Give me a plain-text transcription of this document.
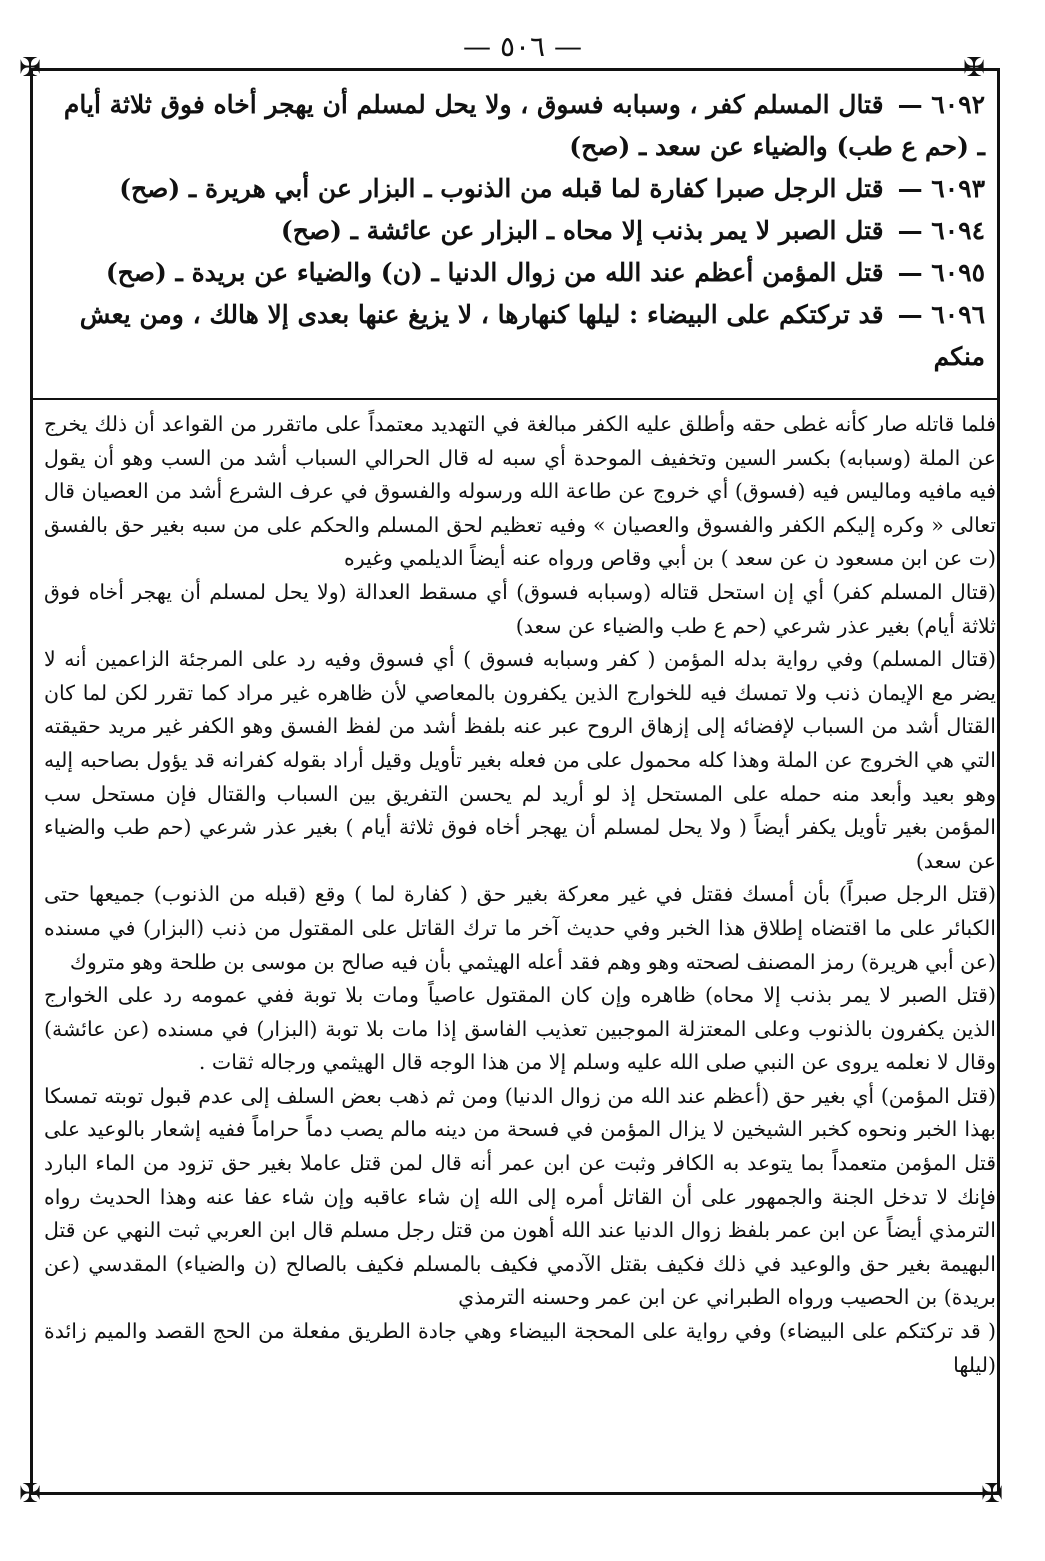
— ٥٠٦ —
✠	✠
✠	✠
٦٠٩٢ —قتال المسلم كفر ، وسبابه فسوق ، ولا يحل لمسلم أن يهجر أخاه فوق ثلاثة أيام ـ (حم ع طب) والضياء عن سعد ـ (صح)
٦٠٩٣ —قتل الرجل صبرا كفارة لما قبله من الذنوب ـ البزار عن أبي هريرة ـ (صح)
٦٠٩٤ —قتل الصبر لا يمر بذنب إلا محاه ـ البزار عن عائشة ـ (صح)
٦٠٩٥ —قتل المؤمن أعظم عند الله من زوال الدنيا ـ (ن) والضياء عن بريدة ـ (صح)
٦٠٩٦ —قد تركتكم على البيضاء : ليلها كنهارها ، لا يزيغ عنها بعدى إلا هالك ، ومن يعش منكم

فلما قاتله صار كأنه غطى حقه وأطلق عليه الكفر مبالغة في التهديد معتمداً على ماتقرر من القواعد أن ذلك يخرج عن الملة (وسبابه) بكسر السين وتخفيف الموحدة أي سبه له قال الحرالي السباب أشد من السب وهو أن يقول فيه مافيه وماليس فيه (فسوق) أي خروج عن طاعة الله ورسوله والفسوق في عرف الشرع أشد من العصيان قال تعالى « وكره إليكم الكفر والفسوق والعصيان » وفيه تعظيم لحق المسلم والحكم على من سبه بغير حق بالفسق (ت عن ابن مسعود ن عن سعد ) بن أبي وقاص ورواه عنه أيضاً الديلمي وغيره

(قتال المسلم كفر) أي إن استحل قتاله (وسبابه فسوق) أي مسقط العدالة (ولا يحل لمسلم أن يهجر أخاه فوق ثلاثة أيام) بغير عذر شرعي (حم ع طب والضياء عن سعد)

(قتال المسلم) وفي رواية بدله المؤمن ( كفر وسبابه فسوق ) أي فسوق وفيه رد على المرجئة الزاعمين أنه لا يضر مع الإيمان ذنب ولا تمسك فيه للخوارج الذين يكفرون بالمعاصي لأن ظاهره غير مراد كما تقرر لكن لما كان القتال أشد من السباب لإفضائه إلى إزهاق الروح عبر عنه بلفظ أشد من لفظ الفسق وهو الكفر غير مريد حقيقته التي هي الخروج عن الملة وهذا كله محمول على من فعله بغير تأويل وقيل أراد بقوله كفرانه قد يؤول بصاحبه إليه وهو بعيد وأبعد منه حمله على المستحل إذ لو أريد لم يحسن التفريق بين السباب والقتال فإن مستحل سب المؤمن بغير تأويل يكفر أيضاً ( ولا يحل لمسلم أن يهجر أخاه فوق ثلاثة أيام ) بغير عذر شرعي (حم طب والضياء عن سعد)

(قتل الرجل صبراً) بأن أمسك فقتل في غير معركة بغير حق ( كفارة لما ) وقع (قبله من الذنوب) جميعها حتى الكبائر على ما اقتضاه إطلاق هذا الخبر وفي حديث آخر ما ترك القاتل على المقتول من ذنب (البزار) في مسنده (عن أبي هريرة) رمز المصنف لصحته وهو وهم فقد أعله الهيثمي بأن فيه صالح بن موسى بن طلحة وهو متروك

(قتل الصبر لا يمر بذنب إلا محاه) ظاهره وإن كان المقتول عاصياً ومات بلا توبة ففي عمومه رد على الخوارج الذين يكفرون بالذنوب وعلى المعتزلة الموجبين تعذيب الفاسق إذا مات بلا توبة (البزار) في مسنده (عن عائشة) وقال لا نعلمه يروى عن النبي صلى الله عليه وسلم إلا من هذا الوجه قال الهيثمي ورجاله ثقات .

(قتل المؤمن) أي بغير حق (أعظم عند الله من زوال الدنيا) ومن ثم ذهب بعض السلف إلى عدم قبول توبته تمسكا بهذا الخبر ونحوه كخبر الشيخين لا يزال المؤمن في فسحة من دينه مالم يصب دماً حراماً ففيه إشعار بالوعيد على قتل المؤمن متعمداً بما يتوعد به الكافر وثبت عن ابن عمر أنه قال لمن قتل عاملا بغير حق تزود من الماء البارد فإنك لا تدخل الجنة والجمهور على أن القاتل أمره إلى الله إن شاء عاقبه وإن شاء عفا عنه وهذا الحديث رواه الترمذي أيضاً عن ابن عمر بلفظ زوال الدنيا عند الله أهون من قتل رجل مسلم قال ابن العربي ثبت النهي عن قتل البهيمة بغير حق والوعيد في ذلك فكيف بقتل الآدمي فكيف بالمسلم فكيف بالصالح (ن والضياء) المقدسي (عن بريدة) بن الحصيب ورواه الطبراني عن ابن عمر وحسنه الترمذي

( قد تركتكم على البيضاء) وفي رواية على المحجة البيضاء وهي جادة الطريق مفعلة من الحج القصد والميم زائدة (ليلها
